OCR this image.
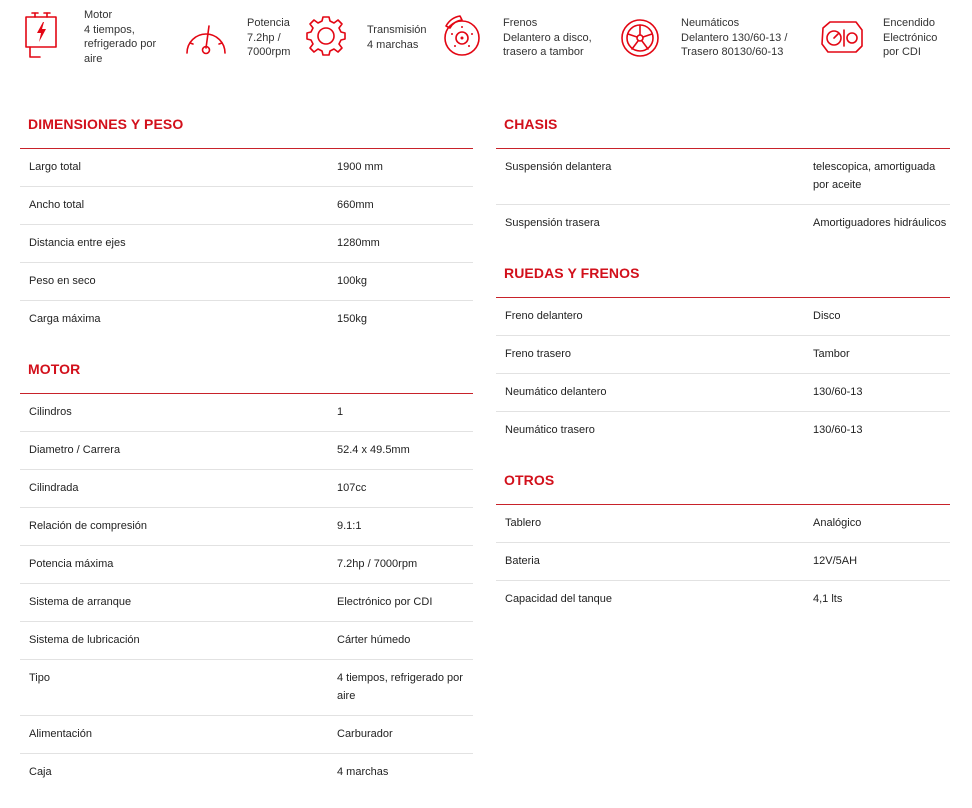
Motor
4 tiempos,
refrigerado por
aire
Potencia
7.2hp /
7000rpm
Transmisión
4 marchas
Frenos
Delantero a disco,
trasero a tambor
Neumáticos
Delantero 130/60-13 /
Trasero 80130/60-13
Encendido
Electrónico
por CDI
DIMENSIONES Y PESO
Largo total	1900 mm
Ancho total	660mm
Distancia entre ejes	1280mm
Peso en seco	100kg
Carga máxima	150kg
MOTOR
Cilindros	1
Diametro / Carrera	52.4 x 49.5mm
Cilindrada	107cc
Relación de compresión	9.1:1
Potencia máxima	7.2hp / 7000rpm
Sistema de arranque	Electrónico por CDI
Sistema de lubricación	Cárter húmedo
Tipo	4 tiempos, refrigerado por aire
Alimentación	Carburador
Caja	4 marchas
CHASIS
Suspensión delantera	telescopica, amortiguada por aceite
Suspensión trasera	Amortiguadores hidráulicos
RUEDAS Y FRENOS
Freno delantero	Disco
Freno trasero	Tambor
Neumático delantero	130/60-13
Neumático trasero	130/60-13
OTROS
Tablero	Analógico
Bateria	12V/5AH
Capacidad del tanque	4,1 lts
